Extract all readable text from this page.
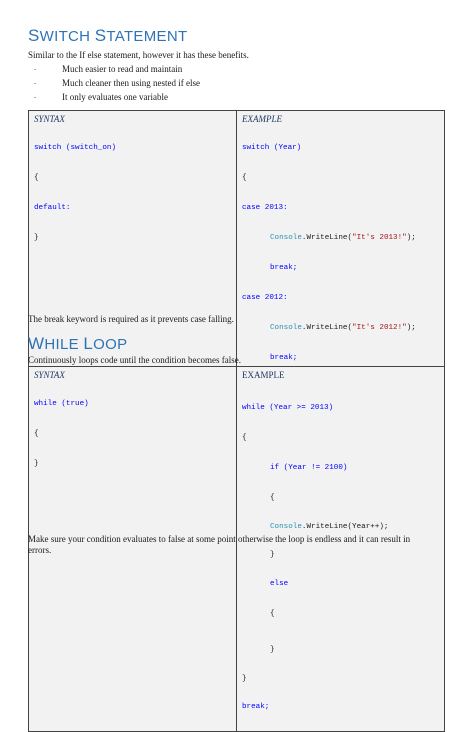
SWITCH STATEMENT
Similar to the If else statement, however it has these benefits.
-	Much easier to read and maintain
-	Much cleaner then using nested if else
-	It only evaluates one variable
SYNTAX

switch (switch_on)

{

default:

}

EXAMPLE

switch (Year)

{

case 2013:

Console.WriteLine("It's 2013!");

break;

case 2012:

Console.WriteLine("It's 2012!");

break;

The break keyword is required as it prevents case falling.
WHILE LOOP
Continuously loops code until the condition becomes false.
SYNTAX

while (true)

{

}

EXAMPLE

while (Year >= 2013)

{

if (Year != 2100)

{

Console.WriteLine(Year++);

}

else

{

}

}

break;

Make sure your condition evaluates to false at some point otherwise the loop is endless and it can result in errors.
